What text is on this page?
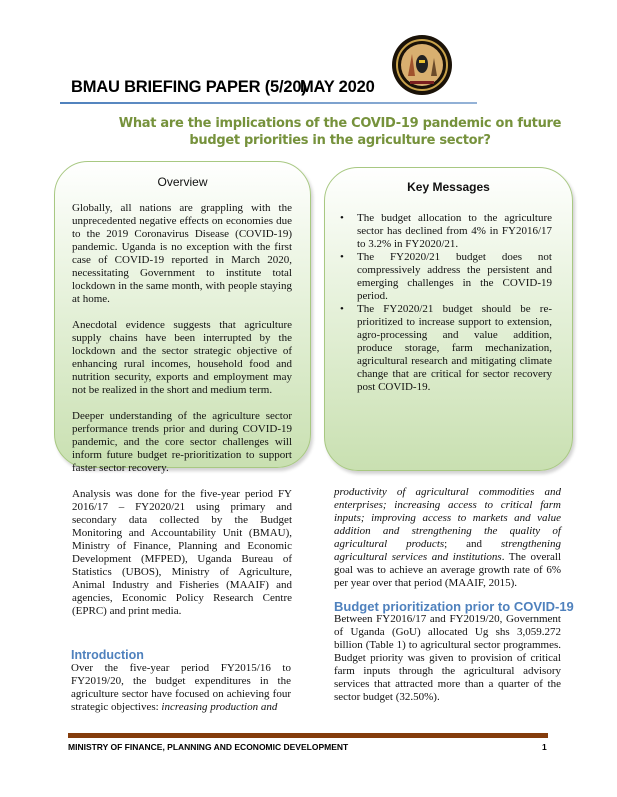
BMAU BRIEFING PAPER (5/20)
MAY 2020
What are the implications of the COVID-19 pandemic on future
budget priorities in the agriculture sector?
Overview

Globally, all nations are grappling with the unprecedented negative effects on economies due to the 2019 Coronavirus Disease (COVID-19) pandemic. Uganda is no exception with the first case of COVID-19 reported in March 2020, necessitating Government to institute total lockdown in the same month, with people staying at home.

Anecdotal evidence suggests that agriculture supply chains have been interrupted by the lockdown and the sector strategic objective of enhancing rural incomes, household food and nutrition security, exports and employment may not be realized in the short and medium term.

Deeper understanding of the agriculture sector performance trends prior and during COVID-19 pandemic, and the core sector challenges will inform future budget re-prioritization to support faster sector recovery.

Analysis was done for the five-year period FY 2016/17 – FY2020/21 using primary and secondary data collected by the Budget Monitoring and Accountability Unit (BMAU), Ministry of Finance, Planning and Economic Development (MFPED), Uganda Bureau of Statistics (UBOS), Ministry of Agriculture, Animal Industry and Fisheries (MAAIF) and agencies, Economic Policy Research Centre (EPRC) and print media.

Key Messages
• The budget allocation to the agriculture sector has declined from 4% in FY2016/17 to 3.2% in FY2020/21.
• The FY2020/21 budget does not compressively address the persistent and emerging challenges in the COVID-19 period.
• The FY2020/21 budget should be re-prioritized to increase support to extension, agro-processing and value addition, produce storage, farm mechanization, agricultural research and mitigating climate change that are critical for sector recovery post COVID-19.
Introduction

Over the five-year period FY2015/16 to FY2019/20, the budget expenditures in the agriculture sector have focused on achieving four strategic objectives: increasing production and

productivity of agricultural commodities and enterprises; increasing access to critical farm inputs; improving access to markets and value addition and strengthening the quality of agricultural products; and strengthening agricultural services and institutions. The overall goal was to achieve an average growth rate of 6% per year over that period (MAAIF, 2015).

Budget prioritization prior to COVID-19

Between FY2016/17 and FY2019/20, Government of Uganda (GoU) allocated Ug shs 3,059.272 billion (Table 1) to agricultural sector programmes. Budget priority was given to provision of critical farm inputs through the agricultural advisory services that attracted more than a quarter of the sector budget (32.50%).

MINISTRY OF FINANCE, PLANNING AND ECONOMIC DEVELOPMENT	1
